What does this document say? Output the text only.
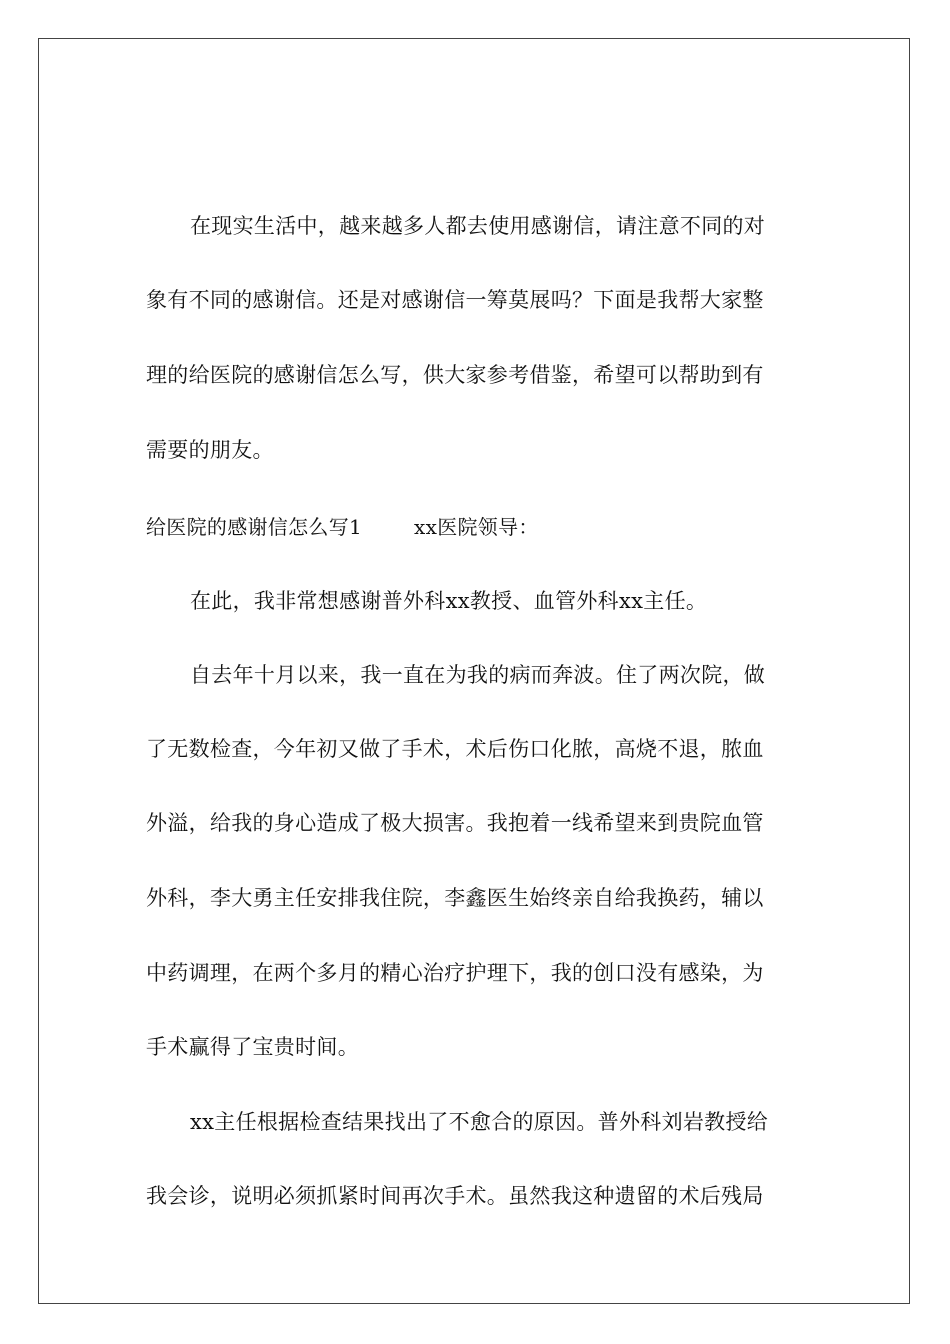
在现实生活中，越来越多人都去使用感谢信，请注意不同的对
象有不同的感谢信。还是对感谢信一筹莫展吗？下面是我帮大家整
理的给医院的感谢信怎么写，供大家参考借鉴，希望可以帮助到有
需要的朋友。
给医院的感谢信怎么写1	xx医院领导：
在此，我非常想感谢普外科xx教授、血管外科xx主任。
自去年十月以来，我一直在为我的病而奔波。住了两次院，做
了无数检查，今年初又做了手术，术后伤口化脓，高烧不退，脓血
外溢，给我的身心造成了极大损害。我抱着一线希望来到贵院血管
外科，李大勇主任安排我住院，李鑫医生始终亲自给我换药，辅以
中药调理，在两个多月的精心治疗护理下，我的创口没有感染，为
手术赢得了宝贵时间。
xx主任根据检查结果找出了不愈合的原因。普外科刘岩教授给
我会诊，说明必须抓紧时间再次手术。虽然我这种遗留的术后残局
